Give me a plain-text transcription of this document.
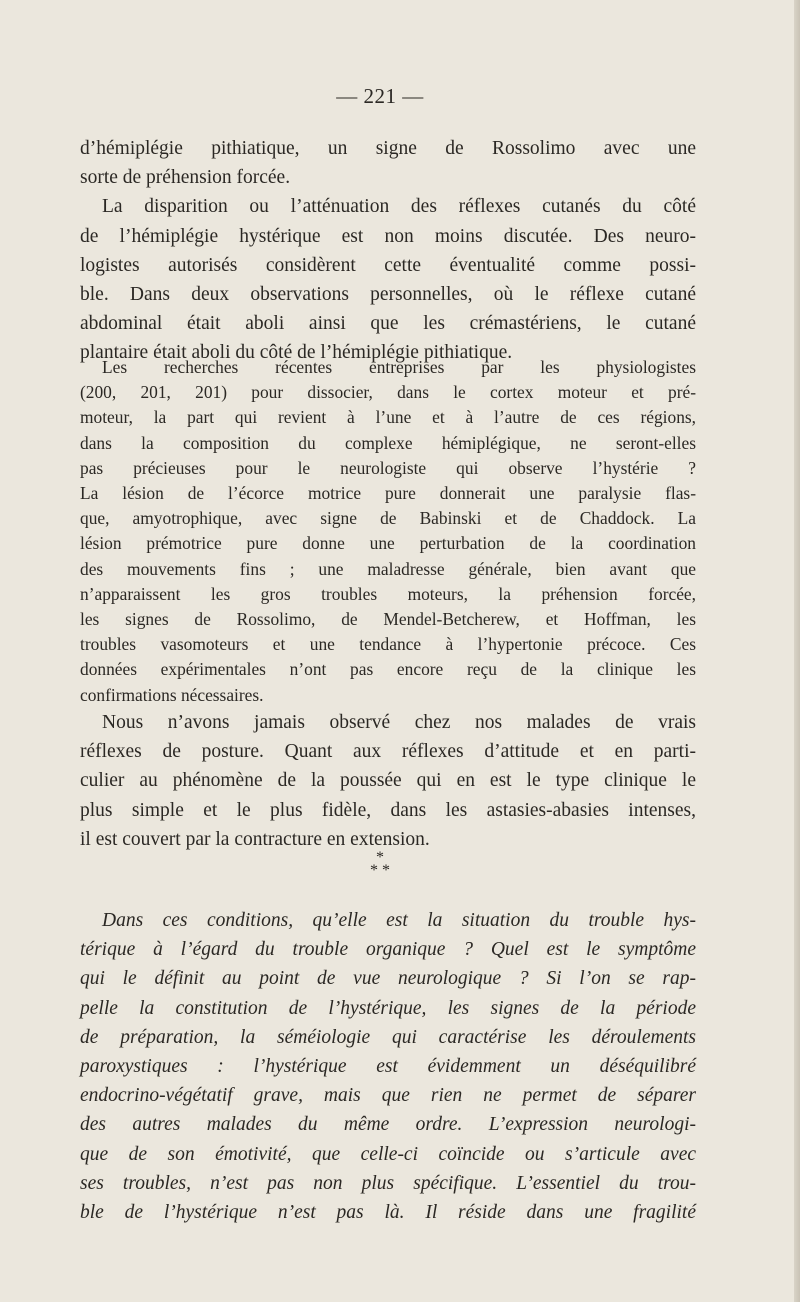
— 221 —
d’hémiplégie pithiatique, un signe de Rossolimo avec une
sorte de préhension forcée.
La disparition ou l’atténuation des réflexes cutanés du côté
de l’hémiplégie hystérique est non moins discutée. Des neuro-
logistes autorisés considèrent cette éventualité comme possi-
ble. Dans deux observations personnelles, où le réflexe cutané
abdominal était aboli ainsi que les crémastériens, le cutané
plantaire était aboli du côté de l’hémiplégie pithiatique.
Les recherches récentes entreprises par les physiologistes
(200, 201, 201) pour dissocier, dans le cortex moteur et pré-
moteur, la part qui revient à l’une et à l’autre de ces régions,
dans la composition du complexe hémiplégique, ne seront-elles
pas précieuses pour le neurologiste qui observe l’hystérie ?
La lésion de l’écorce motrice pure donnerait une paralysie flas-
que, amyotrophique, avec signe de Babinski et de Chaddock. La
lésion prémotrice pure donne une perturbation de la coordination
des mouvements fins ; une maladresse générale, bien avant que
n’apparaissent les gros troubles moteurs, la préhension forcée,
les signes de Rossolimo, de Mendel-Betcherew, et Hoffman, les
troubles vasomoteurs et une tendance à l’hypertonie précoce. Ces
données expérimentales n’ont pas encore reçu de la clinique les
confirmations nécessaires.
Nous n’avons jamais observé chez nos malades de vrais
réflexes de posture. Quant aux réflexes d’attitude et en parti-
culier au phénomène de la poussée qui en est le type clinique le
plus simple et le plus fidèle, dans les astasies-abasies intenses,
il est couvert par la contracture en extension.
*
* *
Dans ces conditions, qu’elle est la situation du trouble hys-
térique à l’égard du trouble organique ? Quel est le symptôme
qui le définit au point de vue neurologique ? Si l’on se rap-
pelle la constitution de l’hystérique, les signes de la période
de préparation, la séméiologie qui caractérise les déroulements
paroxystiques : l’hystérique est évidemment un déséquilibré
endocrino-végétatif grave, mais que rien ne permet de séparer
des autres malades du même ordre. L’expression neurologi-
que de son émotivité, que celle-ci coïncide ou s’articule avec
ses troubles, n’est pas non plus spécifique. L’essentiel du trou-
ble de l’hystérique n’est pas là. Il réside dans une fragilité
